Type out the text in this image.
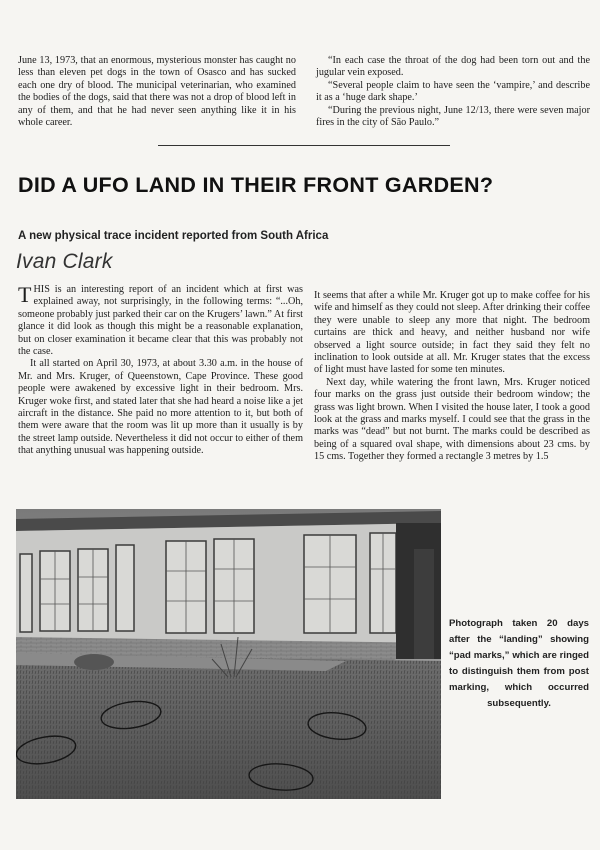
June 13, 1973, that an enormous, mysterious monster has caught no less than eleven pet dogs in the town of Osasco and has sucked each one dry of blood. The municipal veterinarian, who examined the bodies of the dogs, said that there was not a drop of blood left in any of them, and that he had never seen anything like it in his whole career.

“In each case the throat of the dog had been torn out and the jugular vein exposed.

“Several people claim to have seen the ‘vampire,’ and describe it as a ‘huge dark shape.’

“During the previous night, June 12/13, there were seven major fires in the city of São Paulo.”

DID A UFO LAND IN THEIR FRONT GARDEN?
A new physical trace incident reported from South Africa
Ivan Clark

THIS is an interesting report of an incident which at first was explained away, not surprisingly, in the following terms: “...Oh, someone probably just parked their car on the Krugers’ lawn.” At first glance it did look as though this might be a reasonable explanation, but on closer examination it became clear that this was probably not the case.

It all started on April 30, 1973, at about 3.30 a.m. in the house of Mr. and Mrs. Kruger, of Queenstown, Cape Province. These good people were awakened by excessive light in their bedroom. Mrs. Kruger woke first, and stated later that she had heard a noise like a jet aircraft in the distance. She paid no more attention to it, but both of them were aware that the room was lit up more than it usually is by the street lamp outside. Nevertheless it did not occur to either of them that anything unusual was happening outside.

It seems that after a while Mr. Kruger got up to make coffee for his wife and himself as they could not sleep. After drinking their coffee they were unable to sleep any more that night. The bedroom curtains are thick and heavy, and neither husband nor wife observed a light source outside; in fact they said they felt no inclination to look outside at all. Mr. Kruger states that the excess of light must have lasted for some ten minutes.

Next day, while watering the front lawn, Mrs. Kruger noticed four marks on the grass just outside their bedroom window; the grass was light brown. When I visited the house later, I took a good look at the grass and marks myself. I could see that the grass in the marks was “dead” but not burnt. The marks could be described as being of a squared oval shape, with dimensions about 23 cms. by 15 cms. Together they formed a rectangle 3 metres by 1.5

Photograph taken 20 days after the “landing” showing “pad marks,” which are ringed to distinguish them from post marking, which occurred subsequently.
